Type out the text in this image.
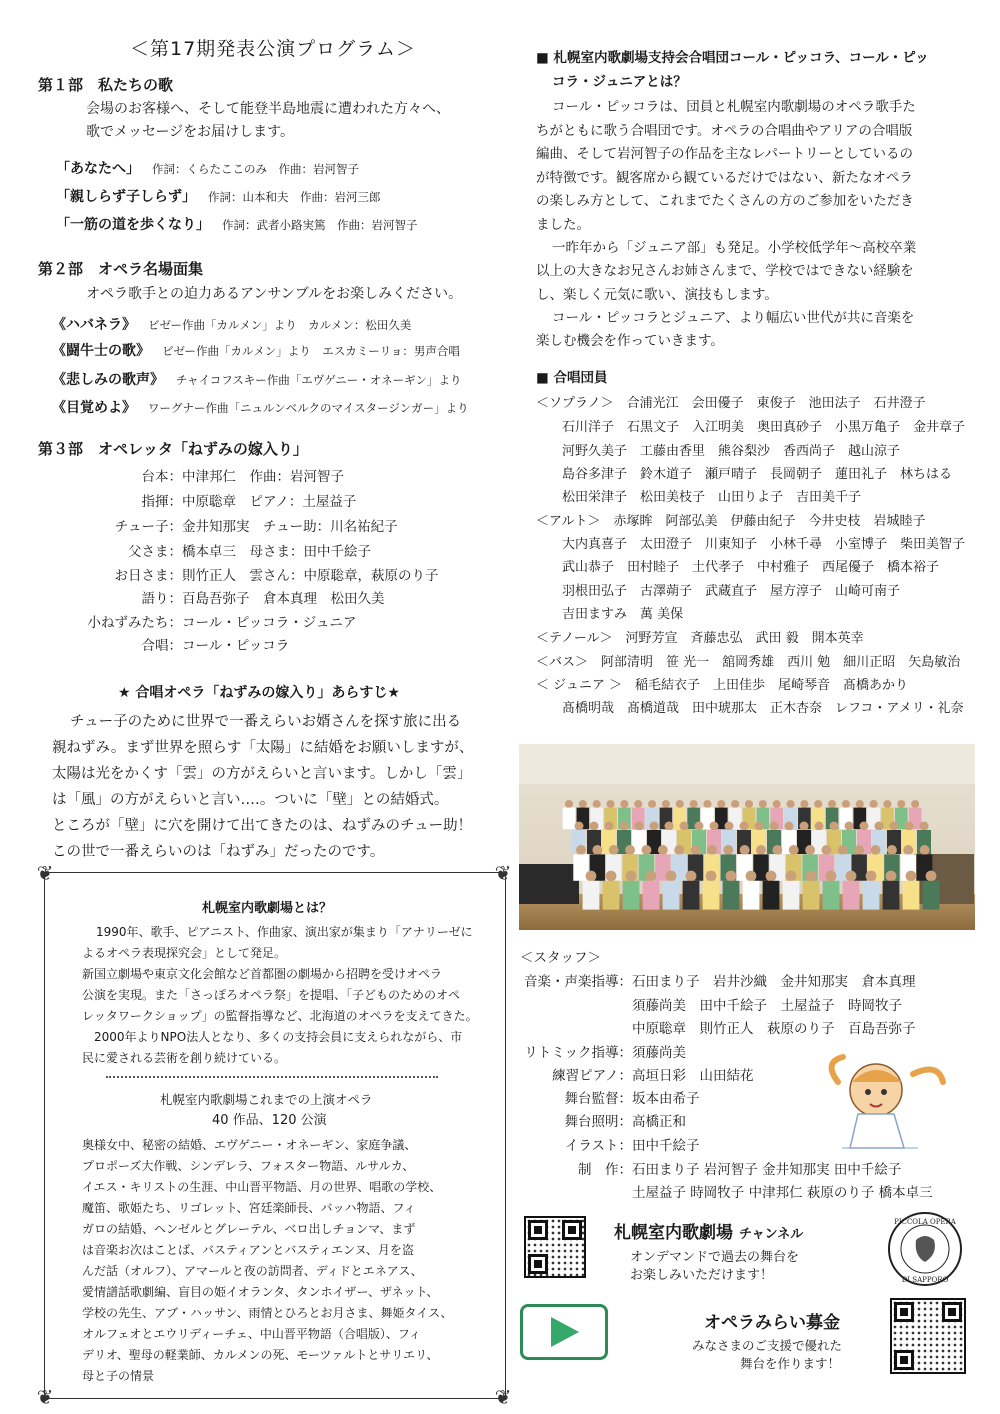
＜第17期発表公演プログラム＞
第１部　私たちの歌
会場のお客様へ、そして能登半島地震に遭われた方々へ、
歌でメッセージをお届けします。
「あなたへ」 作詞：くらたここのみ　作曲：岩河智子
「親しらず子しらず」 作詞：山本和夫　作曲：岩河三郎
「一筋の道を歩くなり」 作詞：武者小路実篤　作曲：岩河智子
第２部　オペラ名場面集
オペラ歌手との迫力あるアンサンブルをお楽しみください。
《ハバネラ》 ビゼー作曲「カルメン」より　カルメン：松田久美
《闘牛士の歌》 ビゼー作曲「カルメン」より　エスカミーリョ：男声合唱
《悲しみの歌声》 チャイコフスキー作曲「エヴゲニー・オネーギン」より
《目覚めよ》 ワーグナー作曲「ニュルンベルクのマイスタージンガー」より
第３部　オペレッタ「ねずみの嫁入り」
台本：中津邦仁　作曲：岩河智子
指揮：中原聡章　ピアノ：土屋益子
チュー子：金井知那実　チュー助：川名祐紀子
父さま：橋本卓三　母さま：田中千絵子
お日さま：則竹正人　雲さん：中原聡章，萩原のり子
語り：百島吾弥子　倉本真理　松田久美
小ねずみたち：コール・ピッコラ・ジュニア
合唱：コール・ピッコラ
★ 合唱オペラ「ねずみの嫁入り」あらすじ★
チュー子のために世界で一番えらいお婿さんを探す旅に出る
親ねずみ。まず世界を照らす「太陽」に結婚をお願いしますが、
太陽は光をかくす「雲」の方がえらいと言います。しかし「雲」
は「風」の方がえらいと言い‥‥。ついに「壁」との結婚式。
ところが「壁」に穴を開けて出てきたのは、ねずみのチュー助！
この世で一番えらいのは「ねずみ」だったのです。
❦	❦
❦	❦
札幌室内歌劇場とは？
1990年、歌手、ピアニスト、作曲家、演出家が集まり「アナリーゼに
よるオペラ表現探究会」として発足。
新国立劇場や東京文化会館など首都圏の劇場から招聘を受けオペラ
公演を実現。また「さっぽろオペラ祭」を提唱、「子どものためのオペ
レッタワークショップ」の監督指導など、北海道のオペラを支えてきた。
　2000年よりNPO法人となり、多くの支持会員に支えられながら、市
民に愛される芸術を創り続けている。
札幌室内歌劇場これまでの上演オペラ
40 作品、120 公演
奥様女中、秘密の結婚、エヴゲニー・オネーギン、家庭争議、
プロポーズ大作戦、シンデレラ、フォスター物語、ルサルカ、
イエス・キリストの生涯、中山晋平物語、月の世界、唱歌の学校、
魔笛、歌姫たち、リゴレット、宮廷楽師長、バッハ物語、フィ
ガロの結婚、ヘンゼルとグレーテル、ベロ出しチョンマ、まず
は音楽お次はことば、バスティアンとバスティエンヌ、月を盗
んだ話（オルフ）、アマールと夜の訪問者、ディドとエネアス、
愛情譜話歌劇編、盲目の姫イオランタ、タンホイザー、ザネット、
学校の先生、アブ・ハッサン、雨情とひろとお月さま、舞姫タイス、
オルフェオとエウリディーチェ、中山晋平物語（合唱版）、フィ
デリオ、聖母の軽業師、カルメンの死、モーツァルトとサリエリ、
母と子の情景
■ 札幌室内歌劇場支持会合唱団コール・ピッコラ、コール・ピッ
コラ・ジュニアとは？
コール・ピッコラは、団員と札幌室内歌劇場のオペラ歌手た
ちがともに歌う合唱団です。オペラの合唱曲やアリアの合唱版
編曲、そして岩河智子の作品を主なレパートリーとしているの
が特徴です。観客席から観ているだけではない、新たなオペラ
の楽しみ方として、これまでたくさんの方のご参加をいただき
ました。
一昨年から「ジュニア部」も発足。小学校低学年～高校卒業
以上の大きなお兄さんお姉さんまで、学校ではできない経験を
し、楽しく元気に歌い、演技もします。
コール・ピッコラとジュニア、より幅広い世代が共に音楽を
楽しむ機会を作っていきます。
■ 合唱団員
＜ソプラノ＞　合浦光江　会田優子　東俊子　池田法子　石井澄子
石川洋子　石黒文子　入江明美　奥田真砂子　小黒万亀子　金井章子
河野久美子　工藤由香里　熊谷梨沙　香西尚子　越山涼子
島谷多津子　鈴木道子　瀬戸晴子　長岡朝子　蓮田礼子　林ちはる
松田栄津子　松田美枝子　山田りよ子　吉田美千子
＜アルト＞　赤塚眸　阿部弘美　伊藤由紀子　今井史枝　岩城睦子
大内真喜子　太田澄子　川東知子　小林千尋　小室博子　柴田美智子
武山恭子　田村睦子　土代孝子　中村雅子　西尾優子　橋本裕子
羽根田弘子　古澤蒴子　武蔵直子　屋方淳子　山崎可南子
吉田ますみ　萬 美保
＜テノール＞　河野芳宣　斉藤忠弘　武田 毅　開本英幸
＜バス＞　阿部清明　笹 光一　舘岡秀雄　西川 勉　細川正昭　矢島敏治
＜ ジュニア ＞　稲毛結衣子　上田佳歩　尾崎琴音　髙橋あかり
髙橋明哉　髙橋道哉　田中琥那太　正木杏奈　レフコ・アメリ・礼奈
＜スタッフ＞
音楽・声楽指導：石田まり子　岩井沙織　金井知那実　倉本真理
須藤尚美　田中千絵子　土屋益子　時岡牧子
中原聡章　則竹正人　萩原のり子　百島吾弥子
リトミック指導：須藤尚美
練習ピアノ：高垣日彩　山田結花
舞台監督：坂本由希子
舞台照明：高橋正和
イラスト：田中千絵子
制　作：石田まり子 岩河智子 金井知那実 田中千絵子
土屋益子 時岡牧子 中津邦仁 萩原のり子 橋本卓三
札幌室内歌劇場 チャンネル
オンデマンドで過去の舞台を
お楽しみいただけます！
オペラみらい募金
みなさまのご支援で優れた
舞台を作ります！
PICCOLA OPERA
DI SAPPORO
